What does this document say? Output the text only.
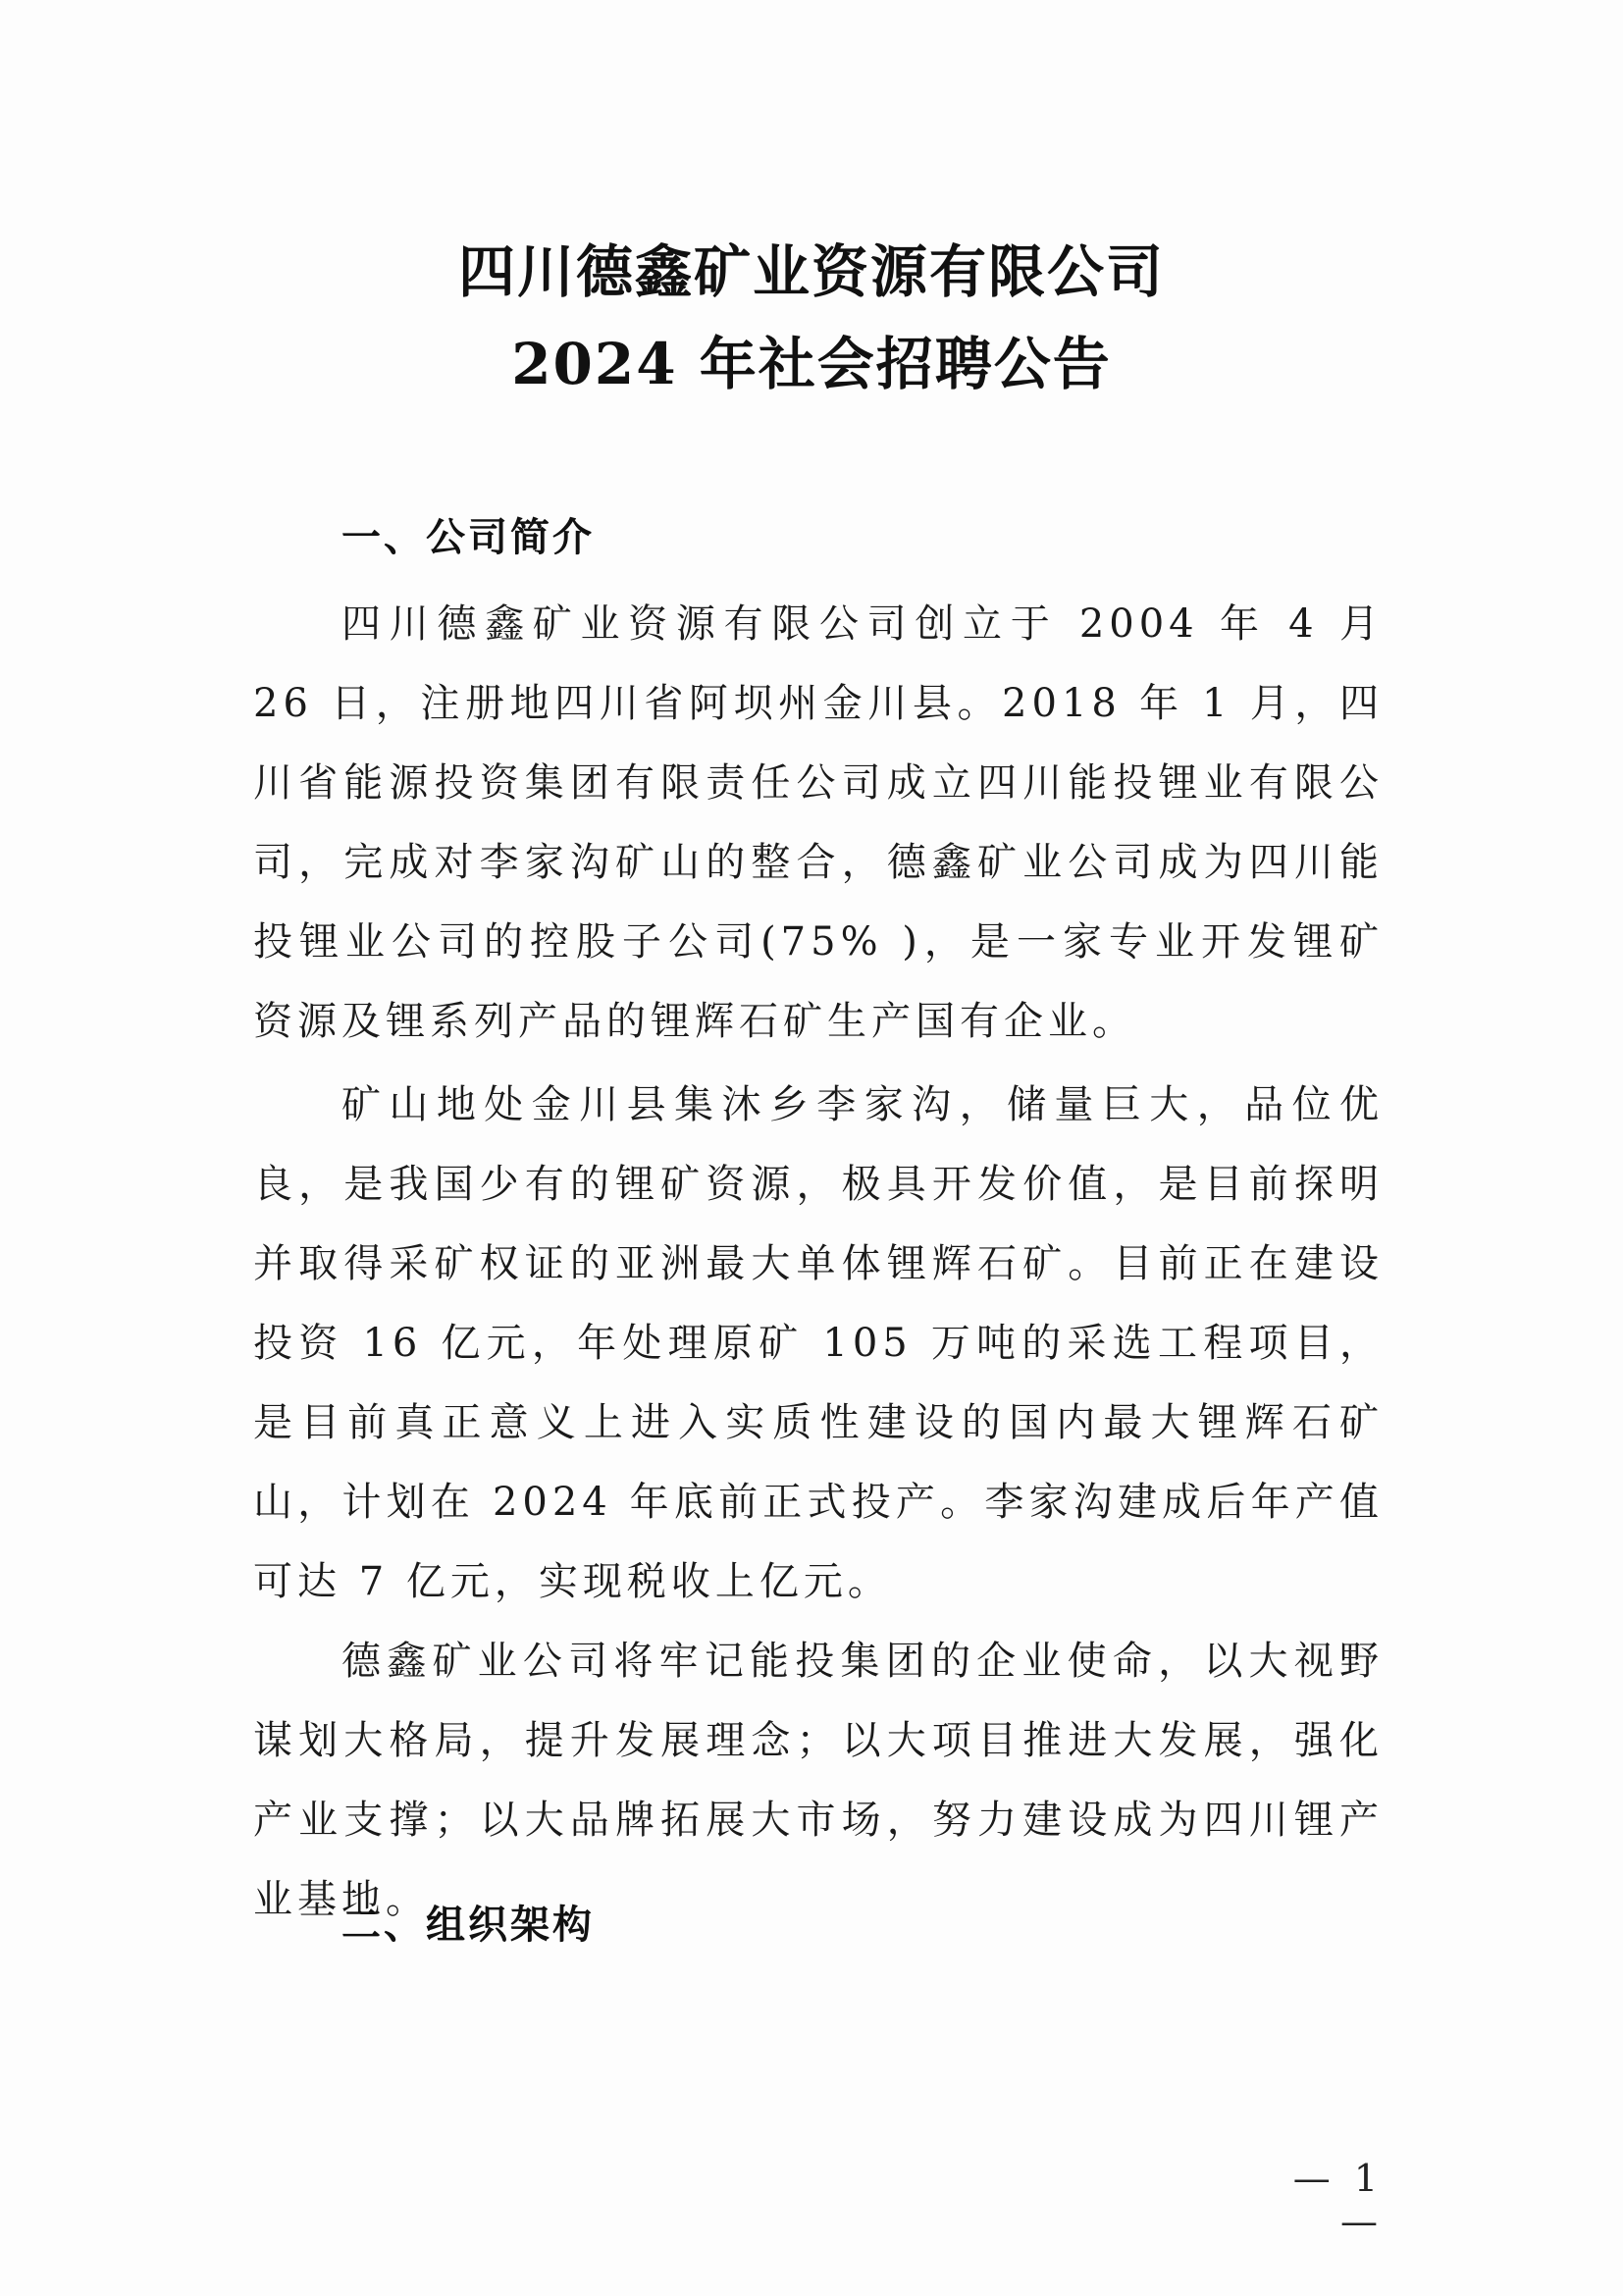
四川德鑫矿业资源有限公司
2024 年社会招聘公告
一、公司简介
四川德鑫矿业资源有限公司创立于 2004 年 4 月 26 日，注册地四川省阿坝州金川县。2018 年 1 月，四川省能源投资集团有限责任公司成立四川能投锂业有限公司，完成对李家沟矿山的整合，德鑫矿业公司成为四川能投锂业公司的控股子公司(75% )，是一家专业开发锂矿资源及锂系列产品的锂辉石矿生产国有企业。
矿山地处金川县集沐乡李家沟，储量巨大，品位优良，是我国少有的锂矿资源，极具开发价值，是目前探明并取得采矿权证的亚洲最大单体锂辉石矿。目前正在建设投资 16 亿元，年处理原矿 105 万吨的采选工程项目，是目前真正意义上进入实质性建设的国内最大锂辉石矿山，计划在 2024 年底前正式投产。李家沟建成后年产值可达 7 亿元，实现税收上亿元。
德鑫矿业公司将牢记能投集团的企业使命，以大视野谋划大格局，提升发展理念；以大项目推进大发展，强化产业支撑；以大品牌拓展大市场，努力建设成为四川锂产业基地。
二、组织架构
— 1 —
